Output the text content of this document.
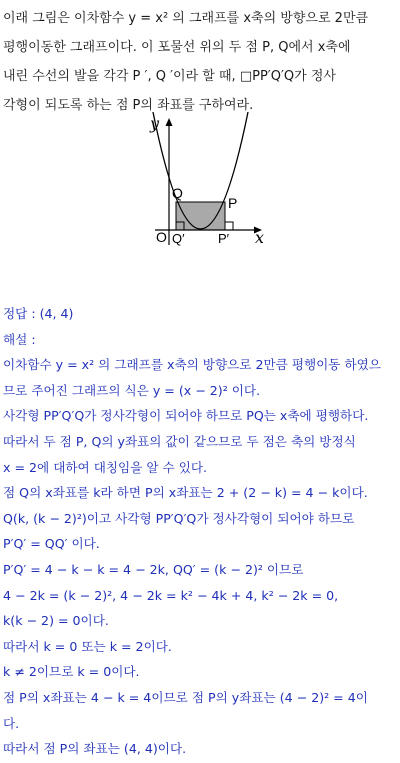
이래 그림은 이차함수 y = x² 의 그래프를 x축의 방향으로 2만큼

평행이동한 그래프이다. 이 포물선 위의 두 점 P, Q에서 x축에

내린 수선의 발을 각각 P ′, Q ′이라 할 때, □PP′Q′Q가 정사

각형이 되도록 하는 점 P의 좌표를 구하여라.

y
x
O
Q
P
Q′	P′

정답 : (4, 4)

해설 :

이차함수 y = x² 의 그래프를 x축의 방향으로 2만큼 평행이동 하였으

므로 주어진 그래프의 식은 y = (x − 2)² 이다.

사각형 PP′Q′Q가 정사각형이 되어야 하므로 PQ는 x축에 평행하다.

따라서 두 점 P, Q의 y좌표의 값이 같으므로 두 점은 축의 방정식

x = 2에 대하여 대칭임을 알 수 있다.

점 Q의 x좌표를 k라 하면 P의 x좌표는 2 + (2 − k) = 4 − k이다.

Q(k, (k − 2)²)이고 사각형 PP′Q′Q가 정사각형이 되어야 하므로

P′Q′ = QQ′ 이다.

P′Q′ = 4 − k − k = 4 − 2k, QQ′ = (k − 2)² 이므로

4 − 2k = (k − 2)², 4 − 2k = k² − 4k + 4, k² − 2k = 0,

k(k − 2) = 0이다.

따라서 k = 0 또는 k = 2이다.

k ≠ 2이므로 k = 0이다.

점 P의 x좌표는 4 − k = 4이므로 점 P의 y좌표는 (4 − 2)² = 4이

다.

따라서 점 P의 좌표는 (4, 4)이다.
